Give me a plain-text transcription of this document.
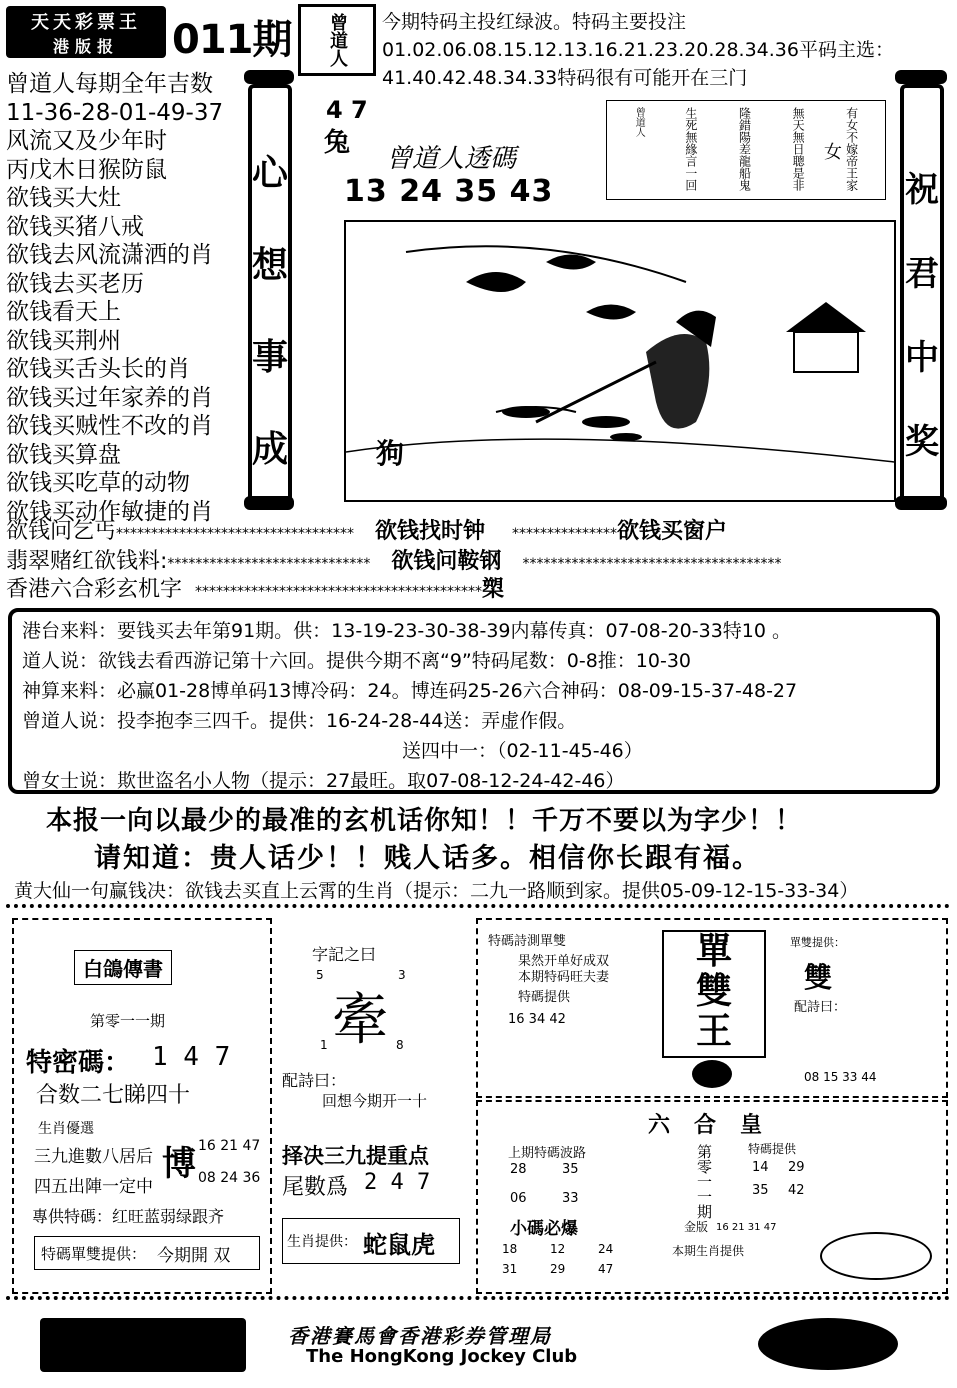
天天彩票王
港版报	011期 曾道人 今期特码主投红绿波。特码主要投注01.02.06.08.15.12.13.16.21.23.20.28.34.36平码主选：41.40.42.48.34.33特码很有可能开在三门
曾道人每期全年吉数
11-36-28-01-49-37
风流又及少年时
丙戊木日猴防鼠
欲钱买大灶
欲钱买猪八戒
欲钱去风流潇洒的肖
欲钱去买老历
欲钱看天上
欲钱买荆州
欲钱买舌头长的肖
欲钱买过年家养的肖
欲钱买贼性不改的肖
欲钱买算盘
欲钱买吃草的动物
欲钱买动作敏捷的肖
心
想
事
成
4 7
兔
曾道人透碼
13 24 35 43
有女不嫁帝王家
無天無日聰是非
隆錯陽差龍船鬼
生死無緣言一回
曾道人
女
狗
祝
君
中
奖
欲钱问乞丐********************************** 欲钱找时钟 ***************欲钱买窗户
翡翠赌红欲钱料:***************************** 欲钱问鞍钢 *************************************
香港六合彩玄机字 *****************************************槊
港台来料：要钱买去年第91期。供：13-19-23-30-38-39内幕传真：07-08-20-33特10 。
道人说：欲钱去看西游记第十六回。提供今期不离“9”特码尾数：0-8推：10-30
神算来料：必赢01-28博单码13博冷码：24。博连码25-26六合神码：08-09-15-37-48-27
曾道人说：投李抱李三四千。提供：16-24-28-44送：弄虚作假。
送四中一：（02-11-45-46）
曾女士说：欺世盗名小人物（提示：27最旺。取07-08-12-24-42-46）
本报一向以最少的最准的玄机话你知！！千万不要以为字少！！
请知道：贵人话少！！贱人话多。相信你长跟有福。
黄大仙一句赢钱决：欲钱去买直上云霄的生肖（提示：二九一路顺到家。提供05-09-12-15-33-34）
白鴿傳書
第零一一期
特密碼： 1 4 7
合数二七睇四十
生肖優選
三九進數八居后
四五出陣一定中
博 16 21 47
08 24 36
專供特碼：红旺蓝弱绿跟齐
特碼單雙提供： 今期開 双
字記之曰
5	3
牽
1	8
配詩曰：
回想今期开一十
择决三九提重点
尾數爲 2 4 7
生肖提供： 蛇鼠虎
特碼詩測單雙
果然开单好成双
本期特码旺夫妻
特碼提供
16 34 42
單
雙
王
單雙提供：
雙
配詩曰：
08 15 33 44
六合皇
上期特碼波路
28	35
06	33	第零一一期
金版
特碼提供
14 29
35 42
小碼必爆
18	12	24
31	29	47
16 21 31 47
本期生肖提供
香港賽馬會香港彩券管理局
The HongKong Jockey Club
